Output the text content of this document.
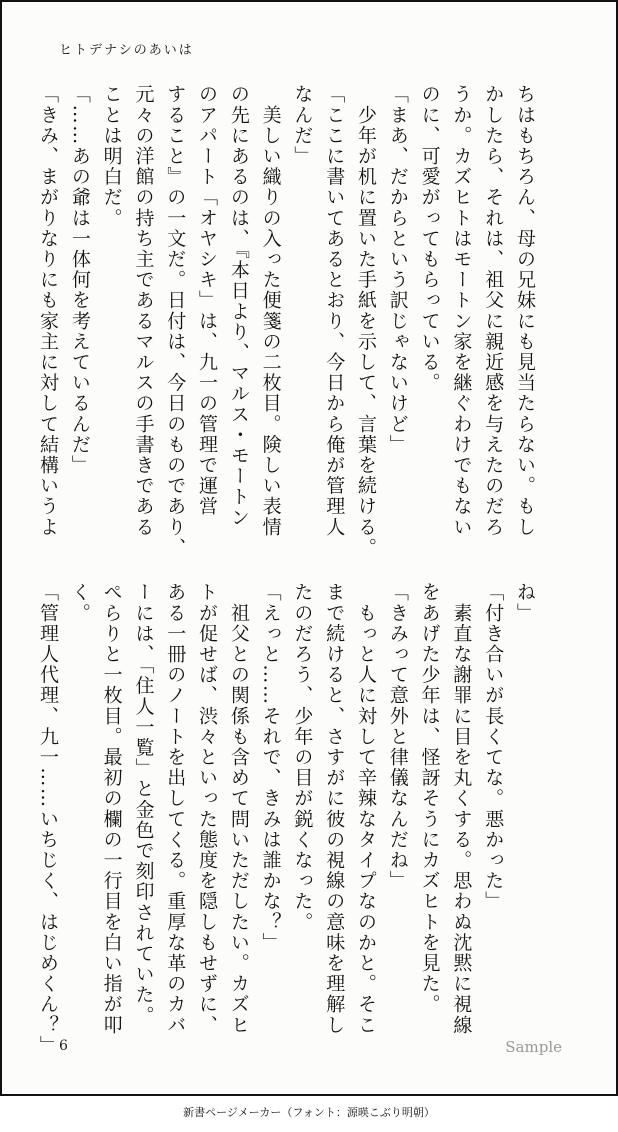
ヒトデナシのあいは
ちはもちろん、母の兄妹にも見当たらない。もし
かしたら、それは、祖父に親近感を与えたのだろ
うか。カズヒトはモートン家を継ぐわけでもない
のに、可愛がってもらっている。
「まあ、だからという訳じゃないけど」
　少年が机に置いた手紙を示して、言葉を続ける。
「ここに書いてあるとおり、今日から俺が管理人
なんだ」
　美しい織りの入った便箋の二枚目。険しい表情
の先にあるのは、『本日より、マルス・モートン
のアパート「オヤシキ」は、九一の管理で運営
すること』の一文だ。日付は、今日のものであり、
元々の洋館の持ち主であるマルスの手書きである
ことは明白だ。
「……あの爺は一体何を考えているんだ」
「きみ、まがりなりにも家主に対して結構いうよ
ね」
「付き合いが長くてな。悪かった」
　素直な謝罪に目を丸くする。思わぬ沈黙に視線
をあげた少年は、怪訝そうにカズヒトを見た。
「きみって意外と律儀なんだね」
　もっと人に対して辛辣なタイプなのかと。そこ
まで続けると、さすがに彼の視線の意味を理解し
たのだろう、少年の目が鋭くなった。
「えっと……それで、きみは誰かな？」
　祖父との関係も含めて問いただしたい。カズヒ
トが促せば、渋々といった態度を隠しもせずに、
ある一冊のノートを出してくる。重厚な革のカバ
ーには、「住人一覧」と金色で刻印されていた。
ぺらりと一枚目。最初の欄の一行目を白い指が叩
く。
「管理人代理、九一……いちじく、はじめくん？」 6	Sample
新書ページメーカー（フォント：源暎こぶり明朝）
